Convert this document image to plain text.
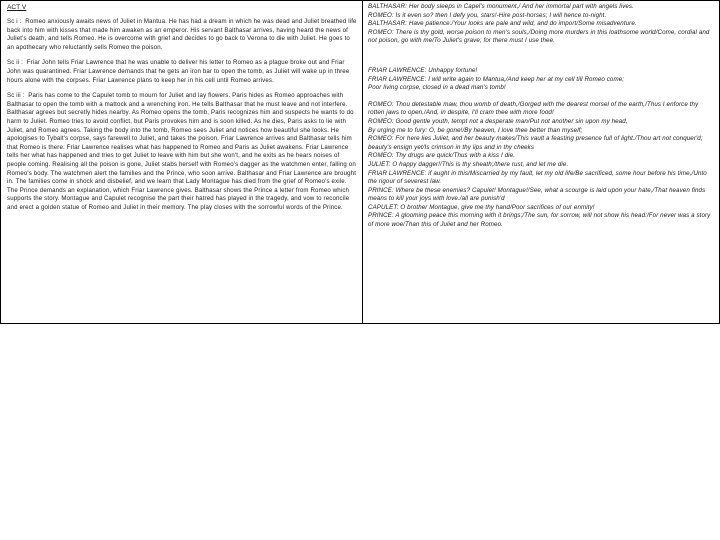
ACT V

Sc i : Romeo anxiously awaits news of Juliet in Mantua. He has had a dream in which he was dead and Juliet breathed life back into him with kisses that made him awaken as an emperor. His servant Balthasar arrives, having heard the news of Juliet's death, and tells Romeo. He is overcome with grief and decides to go back to Verona to die with Juliet. He goes to an apothecary who reluctantly sells Romeo the poison.

Sc ii : Friar John tells Friar Lawrence that he was unable to deliver his letter to Romeo as a plague broke out and Friar John was quarantined. Friar Lawrence demands that he gets an iron bar to open the tomb, as Juliet will wake up in three hours alone with the corpses. Friar Lawrence plans to keep her in his cell until Romeo arrives.

Sc iii : Paris has come to the Capulet tomb to mourn for Juliet and lay flowers. Paris hides as Romeo approaches with Balthasar to open the tomb with a mattock and a wrenching iron. He tells Balthasar that he must leave and not interfere. Balthasar agrees but secretly hides nearby. As Romeo opens the tomb, Paris recognizes him and suspects he wants to do harm to Juliet. Romeo tries to avoid conflict, but Paris provokes him and is soon killed. As he dies, Paris asks to lie with Juliet, and Romeo agrees. Taking the body into the tomb, Romeo sees Juliet and notices how beautiful she looks. He apologises to Tybalt's corpse, says farewell to Juliet, and takes the poison. Friar Lawrence arrives and Balthasar tells him that Romeo is there. Friar Lawrence realises what has happened to Romeo and Paris as Juliet awakens. Friar Lawrence tells her what has happened and tries to get Juliet to leave with him but she won't, and he exits as he hears noises of people coming. Realising all the poison is gone, Juliet stabs herself with Romeo's dagger as the watchmen enter, falling on Romeo's body. The watchmen alert the families and the Prince, who soon arrive. Balthasar and Friar Lawrence are brought in. The families come in shock and disbelief, and we learn that Lady Montague has died from the grief of Romeo's exile. The Prince demands an explanation, which Friar Lawrence gives. Balthasar shows the Prince a letter from Romeo which supports the story. Montague and Capulet recognise the part their hatred has played in the tragedy, and vow to reconcile and erect a golden statue of Romeo and Juliet in their memory. The play closes with the sorrowful words of the Prince.

BALTHASAR: Her body sleeps in Capel's monument,/ And her immortal part with angels lives.

ROMEO: Is it even so? then I defy you, stars!-Hire post-horses; I will hence to-night.

BALTHASAR: Have patience:/Your looks are pale and wild, and do import/Some misadventure.

ROMEO: There is thy gold, worse poison to men's souls,/Doing more murders in this loathsome world/Come, cordial and not poison, go with me/To Juliet's grave; for there must I use thee.

FRIAR LAWRENCE: Unhappy fortune!

FRIAR LAWRENCE: I will write again to Mantua,/And keep her at my cell till Romeo come;

Poor living corpse, closed in a dead man's tomb!

ROMEO: Thou detestable maw, thou womb of death,/Gorged with the dearest morsel of the earth,/Thus I enforce thy rotten jaws to open,/And, in despite, I'll cram thee with more food!

ROMEO: Good gentle youth, tempt not a desperate man/Put not another sin upon my head,

By urging me to fury: O, be gone!/By heaven, I love thee better than myself;

ROMEO: For here lies Juliet, and her beauty makes/This vault a feasting presence full of light./Thou art not conquer'd; beauty's ensign yet/Is crimson in thy lips and in thy cheeks

ROMEO: Thy drugs are quick/Thus with a kiss I die.

JULIET: O happy dagger!/This is thy sheath;/there rust, and let me die.

FRIAR LAWRENCE: if aught in this/Miscarried by my fault, let my old life/Be sacrificed, some hour before his time,/Unto the rigour of severest law.

PRINCE: Where be these enemies? Capulet! Montague!/See, what a scourge is laid upon your hate,/That heaven finds means to kill your joys with love./all are punish'd

CAPULET: O brother Montague, give me thy hand/Poor sacrifices of our enmity!

PRINCE: A glooming peace this morning with it brings;/The sun, for sorrow, will not show his head:/For never was a story of more woe/Than this of Juliet and her Romeo.
